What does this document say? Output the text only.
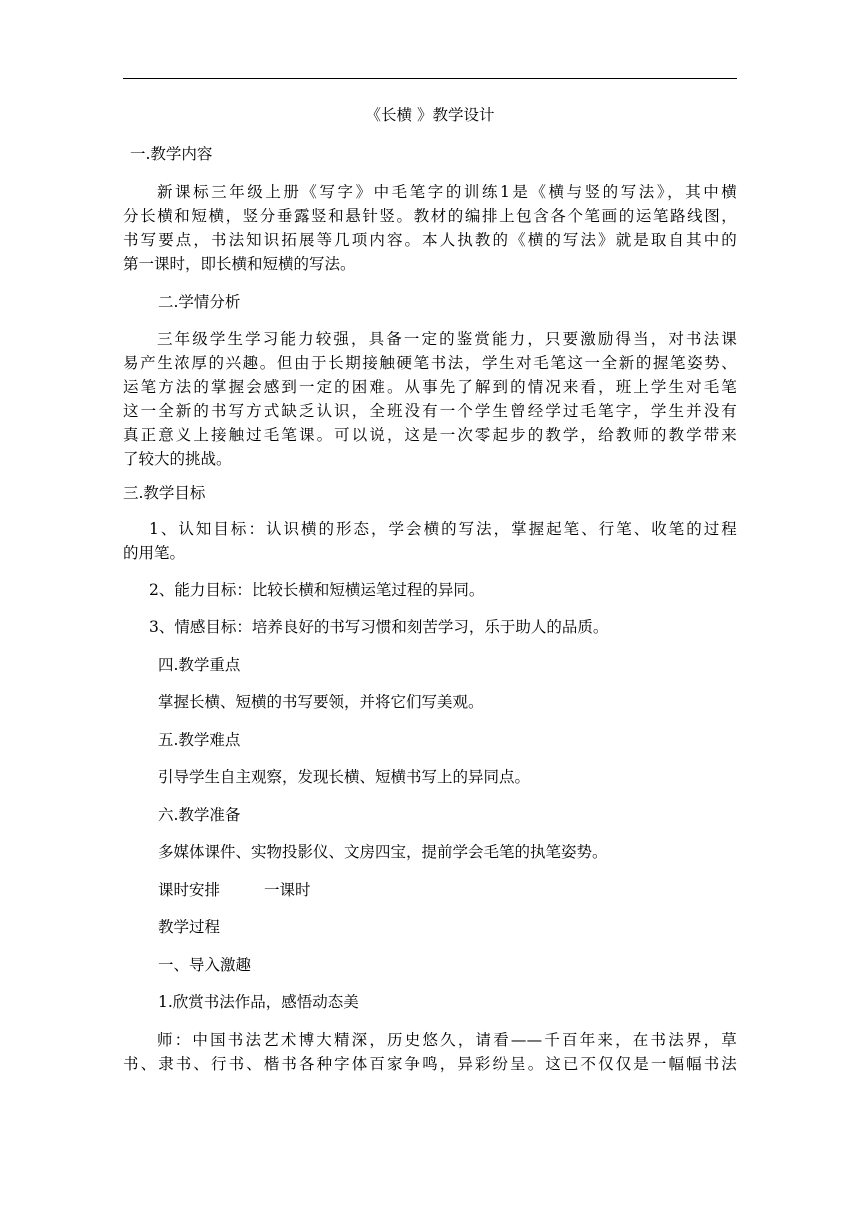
《长横 》教学设计
一.教学内容
新课标三年级上册《写字》中毛笔字的训练1是《横与竖的写法》，其中横
分长横和短横，竖分垂露竖和悬针竖。教材的编排上包含各个笔画的运笔路线图，
书写要点，书法知识拓展等几项内容。本人执教的《横的写法》就是取自其中的
第一课时，即长横和短横的写法。
二.学情分析
三年级学生学习能力较强，具备一定的鉴赏能力，只要激励得当，对书法课
易产生浓厚的兴趣。但由于长期接触硬笔书法，学生对毛笔这一全新的握笔姿势、
运笔方法的掌握会感到一定的困难。从事先了解到的情况来看，班上学生对毛笔
这一全新的书写方式缺乏认识，全班没有一个学生曾经学过毛笔字，学生并没有
真正意义上接触过毛笔课。可以说，这是一次零起步的教学，给教师的教学带来
了较大的挑战。
三.教学目标
1、认知目标：认识横的形态，学会横的写法，掌握起笔、行笔、收笔的过程
的用笔。
2、能力目标：比较长横和短横运笔过程的异同。
3、情感目标：培养良好的书写习惯和刻苦学习，乐于助人的品质。
四.教学重点
掌握长横、短横的书写要领，并将它们写美观。
五.教学难点
引导学生自主观察，发现长横、短横书写上的异同点。
六.教学准备
多媒体课件、实物投影仪、文房四宝，提前学会毛笔的执笔姿势。
课时安排	一课时
教学过程
一、导入激趣
1.欣赏书法作品，感悟动态美
师：中国书法艺术博大精深，历史悠久，请看——千百年来，在书法界，草
书、隶书、行书、楷书各种字体百家争鸣，异彩纷呈。这已不仅仅是一幅幅书法
